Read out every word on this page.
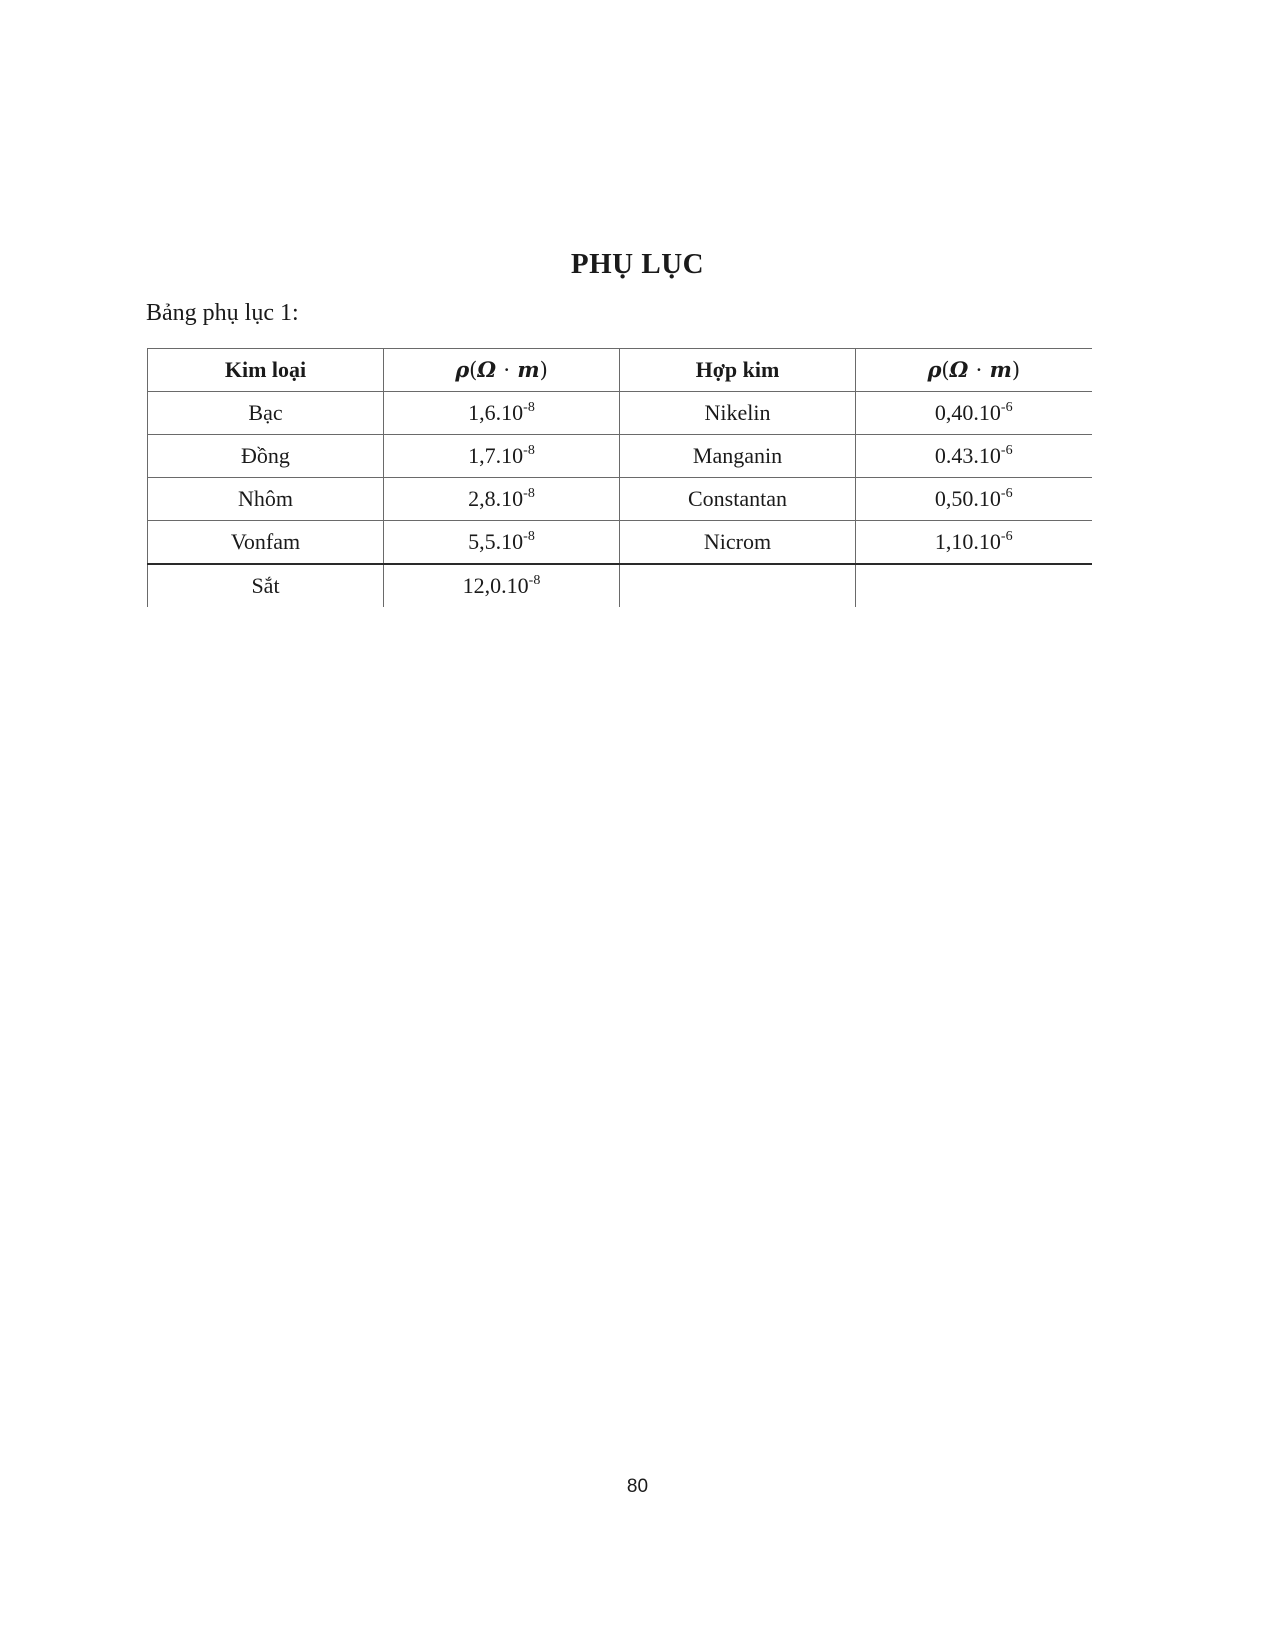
PHỤ LỤC
Bảng phụ lục 1:
Kim loại	ρ(Ω · m)	Hợp kim	ρ(Ω · m)
Bạc	$1,6.10^{-8}$	Nikelin	$0,40.10^{-6}$
Đồng	$1,7.10^{-8}$	Manganin	$0.43.10^{-6}$
Nhôm	$2,8.10^{-8}$	Constantan	$0,50.10^{-6}$
Vonfam	$5,5.10^{-8}$	Nicrom	$1,10.10^{-6}$
Sắt	$12,0.10^{-8}$		
80
